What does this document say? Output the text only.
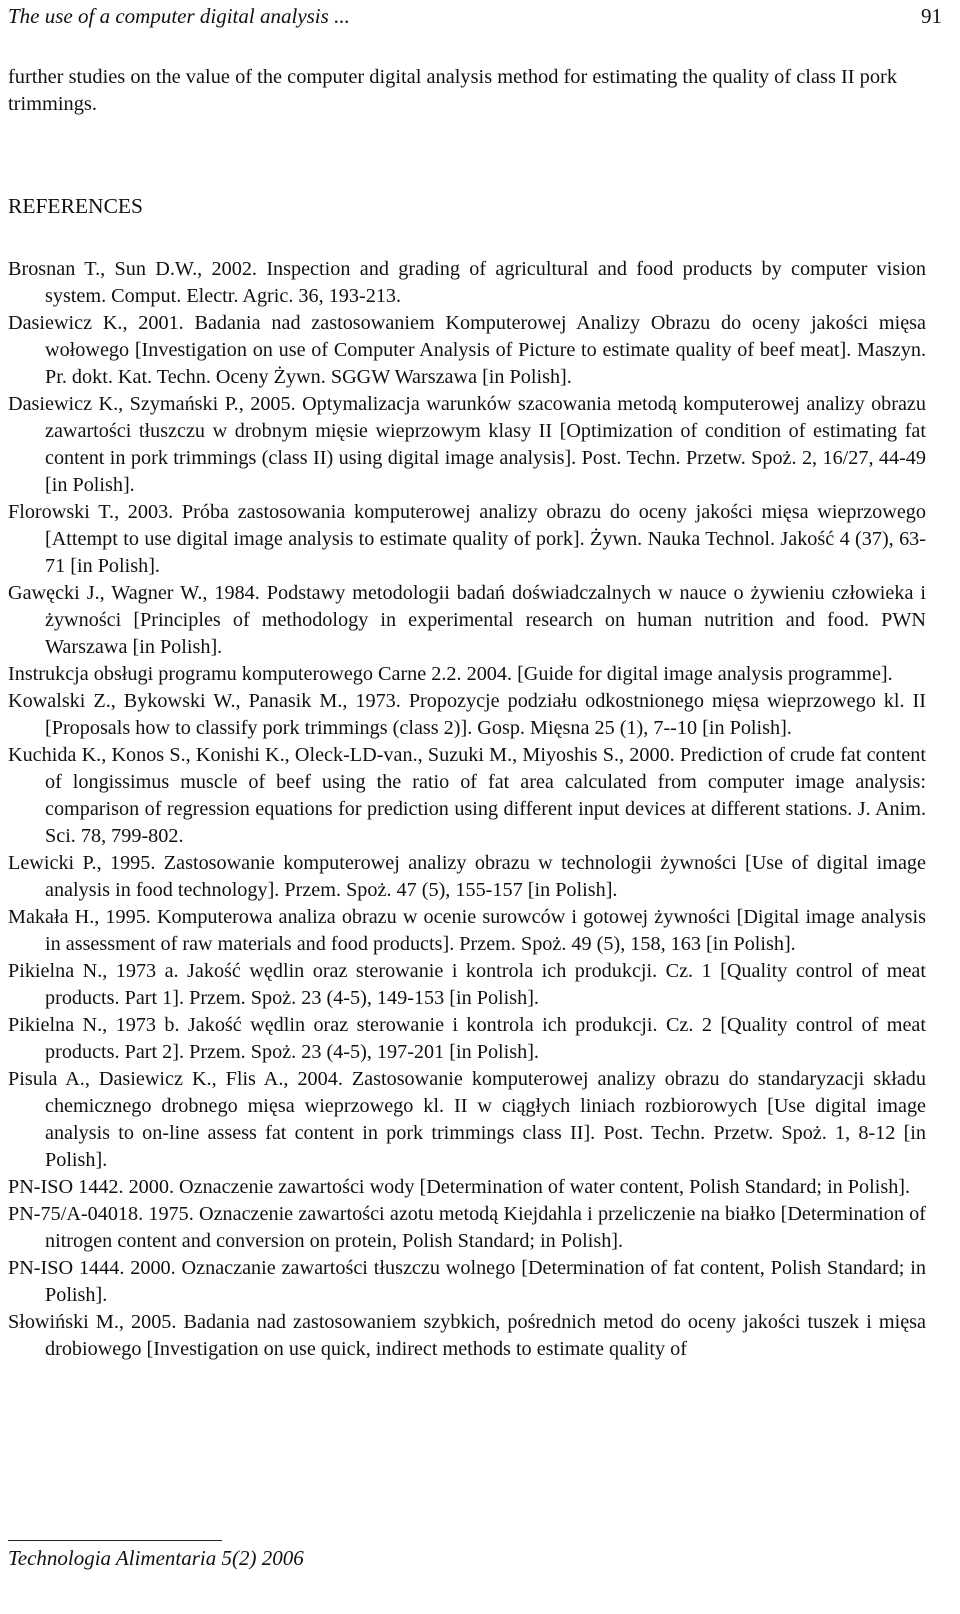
The use of a computer digital analysis ...	91

further studies on the value of the computer digital analysis method for estimating the quality of class II pork trimmings.

REFERENCES
Brosnan T., Sun D.W., 2002. Inspection and grading of agricultural and food products by computer vision system. Comput. Electr. Agric. 36, 193-213.
Dasiewicz K., 2001. Badania nad zastosowaniem Komputerowej Analizy Obrazu do oceny jakości mięsa wołowego [Investigation on use of Computer Analysis of Picture to estimate quality of beef meat]. Maszyn. Pr. dokt. Kat. Techn. Oceny Żywn. SGGW Warszawa [in Polish].
Dasiewicz K., Szymański P., 2005. Optymalizacja warunków szacowania metodą komputerowej analizy obrazu zawartości tłuszczu w drobnym mięsie wieprzowym klasy II [Optimization of condition of estimating fat content in pork trimmings (class II) using digital image analysis]. Post. Techn. Przetw. Spoż. 2, 16/27, 44-49 [in Polish].
Florowski T., 2003. Próba zastosowania komputerowej analizy obrazu do oceny jakości mięsa wieprzowego [Attempt to use digital image analysis to estimate quality of pork]. Żywn. Nauka Technol. Jakość 4 (37), 63-71 [in Polish].
Gawęcki J., Wagner W., 1984. Podstawy metodologii badań doświadczalnych w nauce o żywieniu człowieka i żywności [Principles of methodology in experimental research on human nutrition and food. PWN Warszawa [in Polish].
Instrukcja obsługi programu komputerowego Carne 2.2. 2004. [Guide for digital image analysis programme].
Kowalski Z., Bykowski W., Panasik M., 1973. Propozycje podziału odkostnionego mięsa wieprzowego kl. II [Proposals how to classify pork trimmings (class 2)]. Gosp. Mięsna 25 (1), 7--10 [in Polish].
Kuchida K., Konos S., Konishi K., Oleck-LD-van., Suzuki M., Miyoshis S., 2000. Prediction of crude fat content of longissimus muscle of beef using the ratio of fat area calculated from computer image analysis: comparison of regression equations for prediction using different input devices at different stations. J. Anim. Sci. 78, 799-802.
Lewicki P., 1995. Zastosowanie komputerowej analizy obrazu w technologii żywności [Use of digital image analysis in food technology]. Przem. Spoż. 47 (5), 155-157 [in Polish].
Makała H., 1995. Komputerowa analiza obrazu w ocenie surowców i gotowej żywności [Digital image analysis in assessment of raw materials and food products]. Przem. Spoż. 49 (5), 158, 163 [in Polish].
Pikielna N., 1973 a. Jakość wędlin oraz sterowanie i kontrola ich produkcji. Cz. 1 [Quality control of meat products. Part 1]. Przem. Spoż. 23 (4-5), 149-153 [in Polish].
Pikielna N., 1973 b. Jakość wędlin oraz sterowanie i kontrola ich produkcji. Cz. 2 [Quality control of meat products. Part 2]. Przem. Spoż. 23 (4-5), 197-201 [in Polish].
Pisula A., Dasiewicz K., Flis A., 2004. Zastosowanie komputerowej analizy obrazu do standaryzacji składu chemicznego drobnego mięsa wieprzowego kl. II w ciągłych liniach rozbiorowych [Use digital image analysis to on-line assess fat content in pork trimmings class II]. Post. Techn. Przetw. Spoż. 1, 8-12 [in Polish].
PN-ISO 1442. 2000. Oznaczenie zawartości wody [Determination of water content, Polish Standard; in Polish].
PN-75/A-04018. 1975. Oznaczenie zawartości azotu metodą Kiejdahla i przeliczenie na białko [Determination of nitrogen content and conversion on protein, Polish Standard; in Polish].
PN-ISO 1444. 2000. Oznaczanie zawartości tłuszczu wolnego [Determination of fat content, Polish Standard; in Polish].
Słowiński M., 2005. Badania nad zastosowaniem szybkich, pośrednich metod do oceny jakości tuszek i mięsa drobiowego [Investigation on use quick, indirect methods to estimate quality of
Technologia Alimentaria 5(2) 2006
